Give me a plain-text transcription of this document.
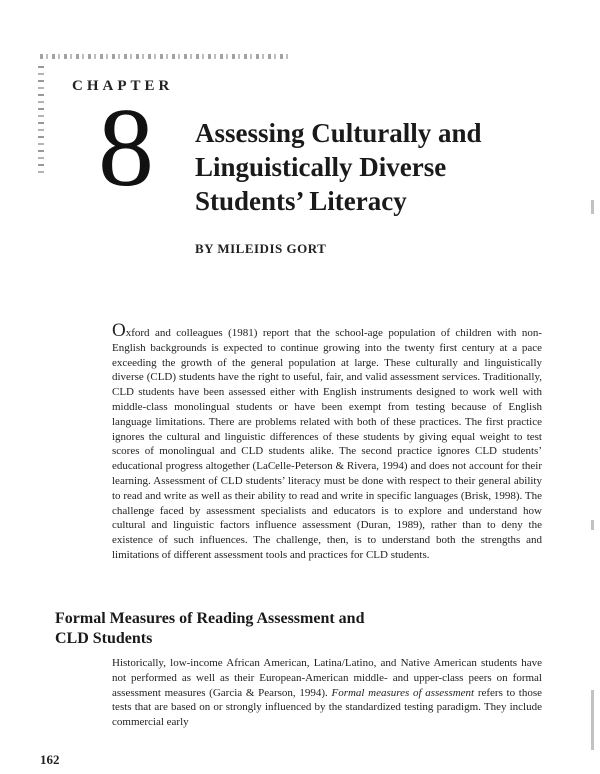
CHAPTER
8 Assessing Culturally and Linguistically Diverse Students’ Literacy
BY MILEIDIS GORT
Oxford and colleagues (1981) report that the school-age population of children with non-English backgrounds is expected to continue growing into the twenty first century at a pace exceeding the growth of the general population at large. These culturally and linguistically diverse (CLD) students have the right to useful, fair, and valid assessment services. Traditionally, CLD students have been assessed either with English instruments designed to work well with middle-class monolingual students or have been exempt from testing because of English language limitations. There are problems related with both of these practices. The first practice ignores the cultural and linguistic differences of these students by giving equal weight to test scores of monolingual and CLD students alike. The second practice ignores CLD students’ educational progress altogether (LaCelle-Peterson & Rivera, 1994) and does not account for their learning. Assessment of CLD students’ literacy must be done with respect to their general ability to read and write as well as their ability to read and write in specific languages (Brisk, 1998). The challenge faced by assessment specialists and educators is to explore and understand how cultural and linguistic factors influence assessment (Duran, 1989), rather than to deny the existence of such influences. The challenge, then, is to understand both the strengths and limitations of different assessment tools and practices for CLD students.
Formal Measures of Reading Assessment and CLD Students
Historically, low-income African American, Latina/Latino, and Native American students have not performed as well as their European-American middle- and upper-class peers on formal assessment measures (Garcia & Pearson, 1994). Formal measures of assessment refers to those tests that are based on or strongly influenced by the standardized testing paradigm. They include commercial early
162
